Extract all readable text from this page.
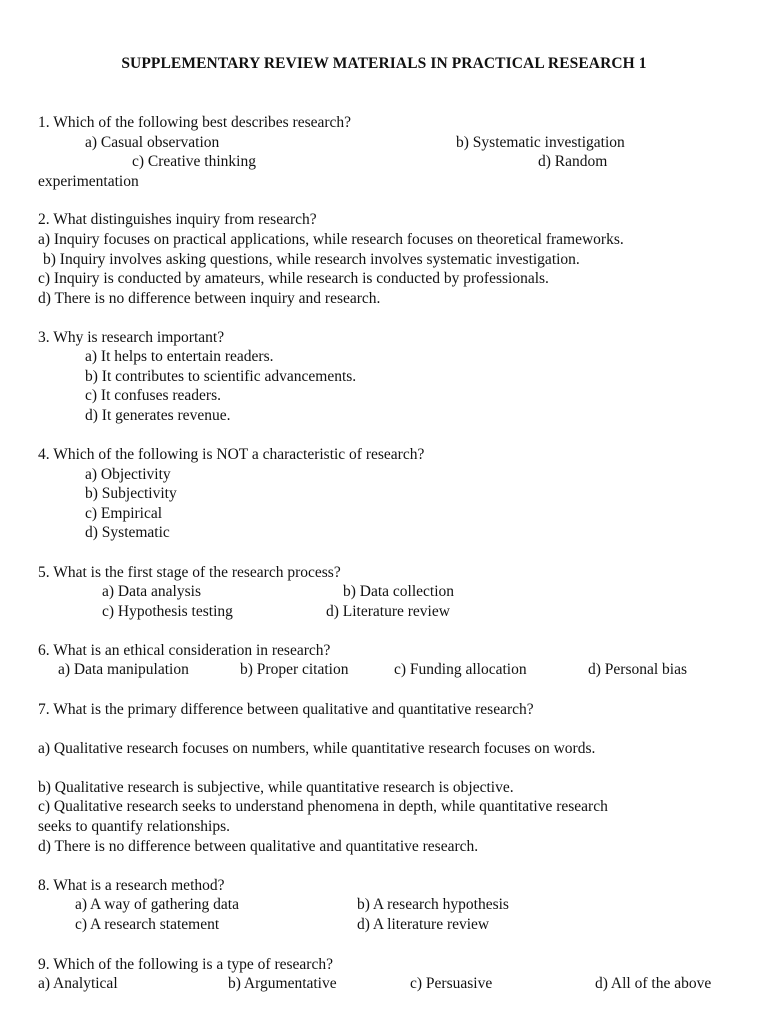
SUPPLEMENTARY REVIEW MATERIALS IN PRACTICAL RESEARCH 1
1. Which of the following best describes research?
a) Casual observation	b) Systematic investigation
c) Creative thinking	d) Random
experimentation
2. What distinguishes inquiry from research?
a) Inquiry focuses on practical applications, while research focuses on theoretical frameworks.
b) Inquiry involves asking questions, while research involves systematic investigation.
c) Inquiry is conducted by amateurs, while research is conducted by professionals.
d) There is no difference between inquiry and research.
3. Why is research important?
a) It helps to entertain readers.
b) It contributes to scientific advancements.
c) It confuses readers.
d) It generates revenue.
4. Which of the following is NOT a characteristic of research?
a) Objectivity
b) Subjectivity
c) Empirical
d) Systematic
5. What is the first stage of the research process?
a) Data analysis	b) Data collection
c) Hypothesis testing	d) Literature review
6. What is an ethical consideration in research?
a) Data manipulation	b) Proper citation	c) Funding allocation	d) Personal bias
7. What is the primary difference between qualitative and quantitative research?
a) Qualitative research focuses on numbers, while quantitative research focuses on words.
b) Qualitative research is subjective, while quantitative research is objective.
c) Qualitative research seeks to understand phenomena in depth, while quantitative research
seeks to quantify relationships.
d) There is no difference between qualitative and quantitative research.
8. What is a research method?
a) A way of gathering data	b) A research hypothesis
c) A research statement	d) A literature review
9. Which of the following is a type of research?
a) Analytical	b) Argumentative	c) Persuasive	d) All of the above
